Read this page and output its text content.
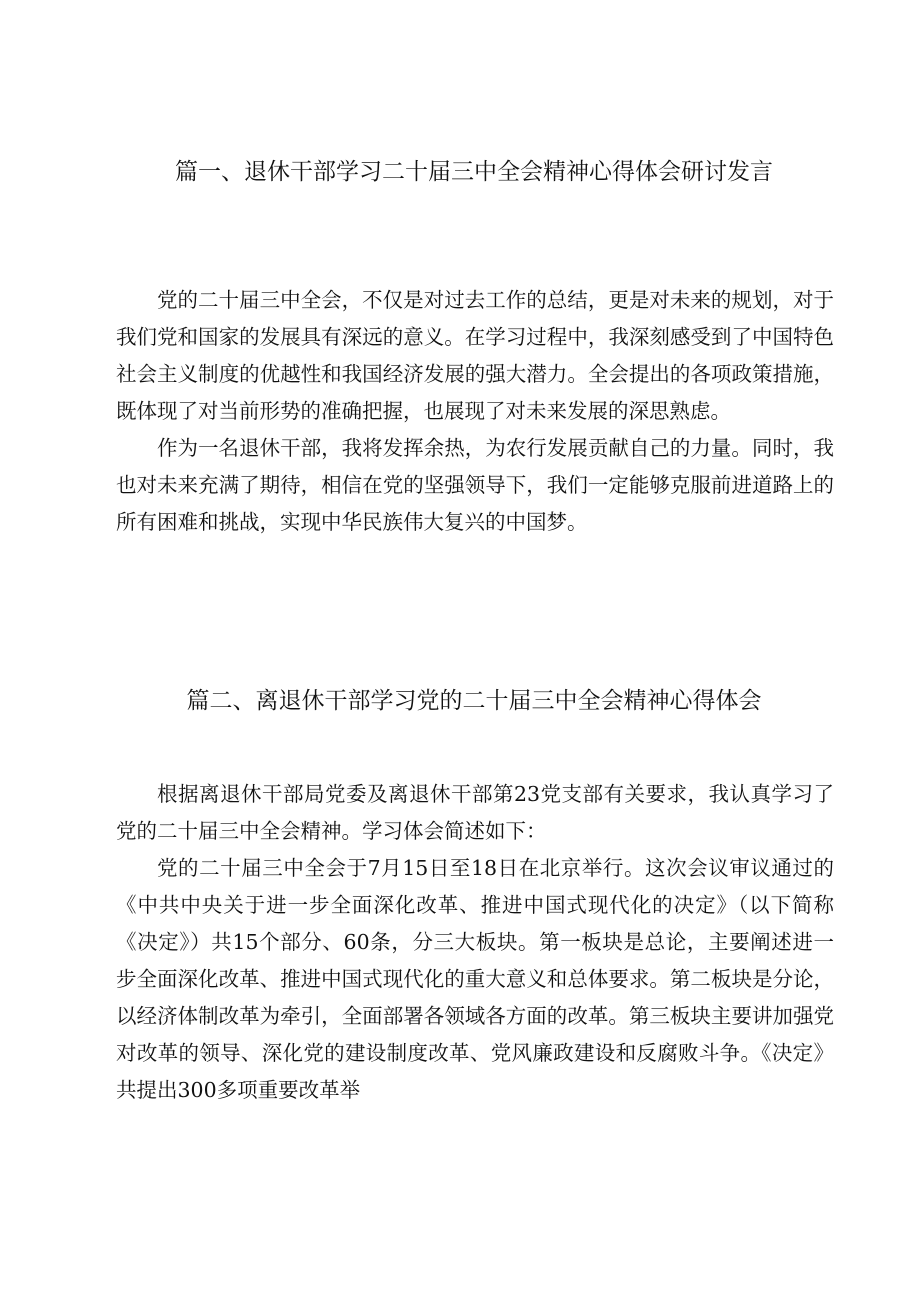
篇一、退休干部学习二十届三中全会精神心得体会研讨发言

党的二十届三中全会，不仅是对过去工作的总结，更是对未来的规划，对于我们党和国家的发展具有深远的意义。在学习过程中，我深刻感受到了中国特色社会主义制度的优越性和我国经济发展的强大潜力。全会提出的各项政策措施，既体现了对当前形势的准确把握，也展现了对未来发展的深思熟虑。

作为一名退休干部，我将发挥余热，为农行发展贡献自己的力量。同时，我也对未来充满了期待，相信在党的坚强领导下，我们一定能够克服前进道路上的所有困难和挑战，实现中华民族伟大复兴的中国梦。

篇二、离退休干部学习党的二十届三中全会精神心得体会

根据离退休干部局党委及离退休干部第23党支部有关要求，我认真学习了党的二十届三中全会精神。学习体会简述如下：

党的二十届三中全会于7月15日至18日在北京举行。这次会议审议通过的《中共中央关于进一步全面深化改革、推进中国式现代化的决定》（以下简称《决定》）共15个部分、60条，分三大板块。第一板块是总论，主要阐述进一步全面深化改革、推进中国式现代化的重大意义和总体要求。第二板块是分论，以经济体制改革为牵引，全面部署各领域各方面的改革。第三板块主要讲加强党对改革的领导、深化党的建设制度改革、党风廉政建设和反腐败斗争。《决定》共提出300多项重要改革举
